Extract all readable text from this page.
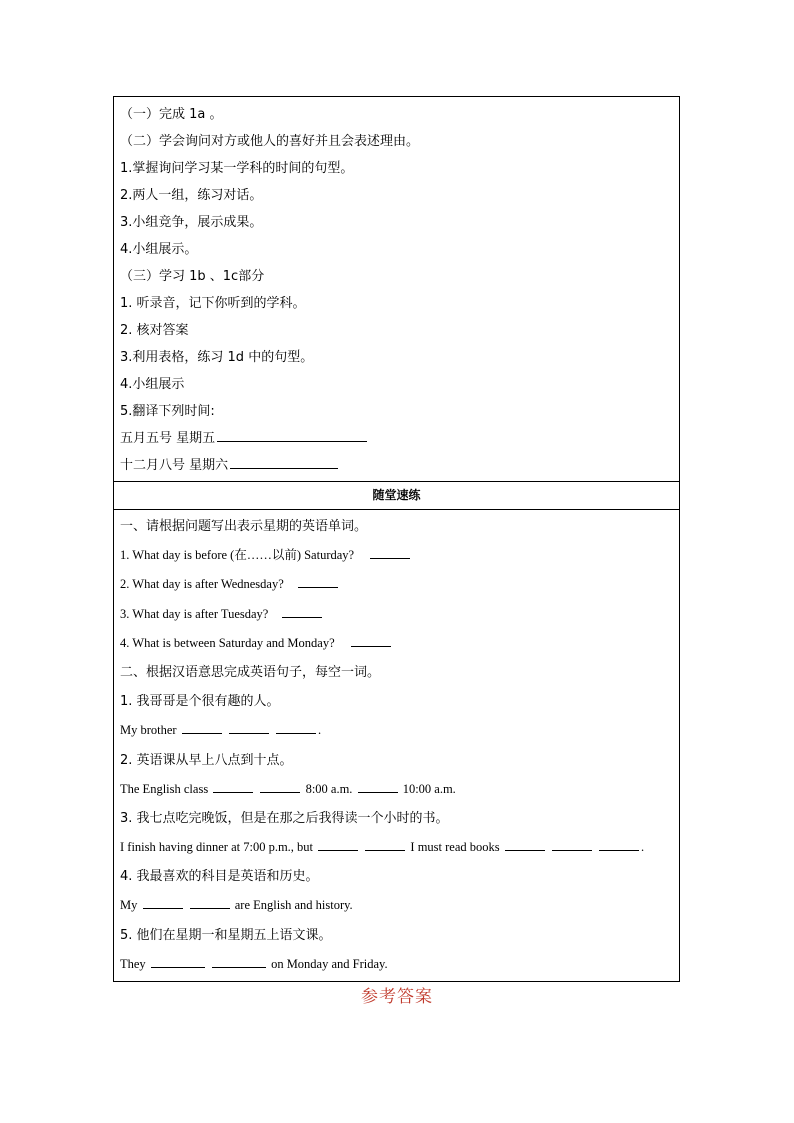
（一）完成 1a 。
（二）学会询问对方或他人的喜好并且会表述理由。
1.掌握询问学习某一学科的时间的句型。
2.两人一组，练习对话。
3.小组竞争，展示成果。
4.小组展示。
（三）学习 1b 、1c部分
1. 听录音，记下你听到的学科。
2. 核对答案
3.利用表格，练习 1d 中的句型。
4.小组展示
5.翻译下列时间:
五月五号 星期五
十二月八号 星期六
随堂速练
一、请根据问题写出表示星期的英语单词。
1. What day is before (在……以前) Saturday?
2. What day is after Wednesday?
3. What day is after Tuesday?
4. What is between Saturday and Monday?
二、根据汉语意思完成英语句子，每空一词。
1. 我哥哥是个很有趣的人。
My brother	.
2. 英语课从早上八点到十点。
The English class	8:00 a.m.	10:00 a.m.
3. 我七点吃完晚饭，但是在那之后我得读一个小时的书。
I finish having dinner at 7:00 p.m., but	I must read books	.
4. 我最喜欢的科目是英语和历史。
My	are English and history.
5. 他们在星期一和星期五上语文课。
They	on Monday and Friday.
参考答案
